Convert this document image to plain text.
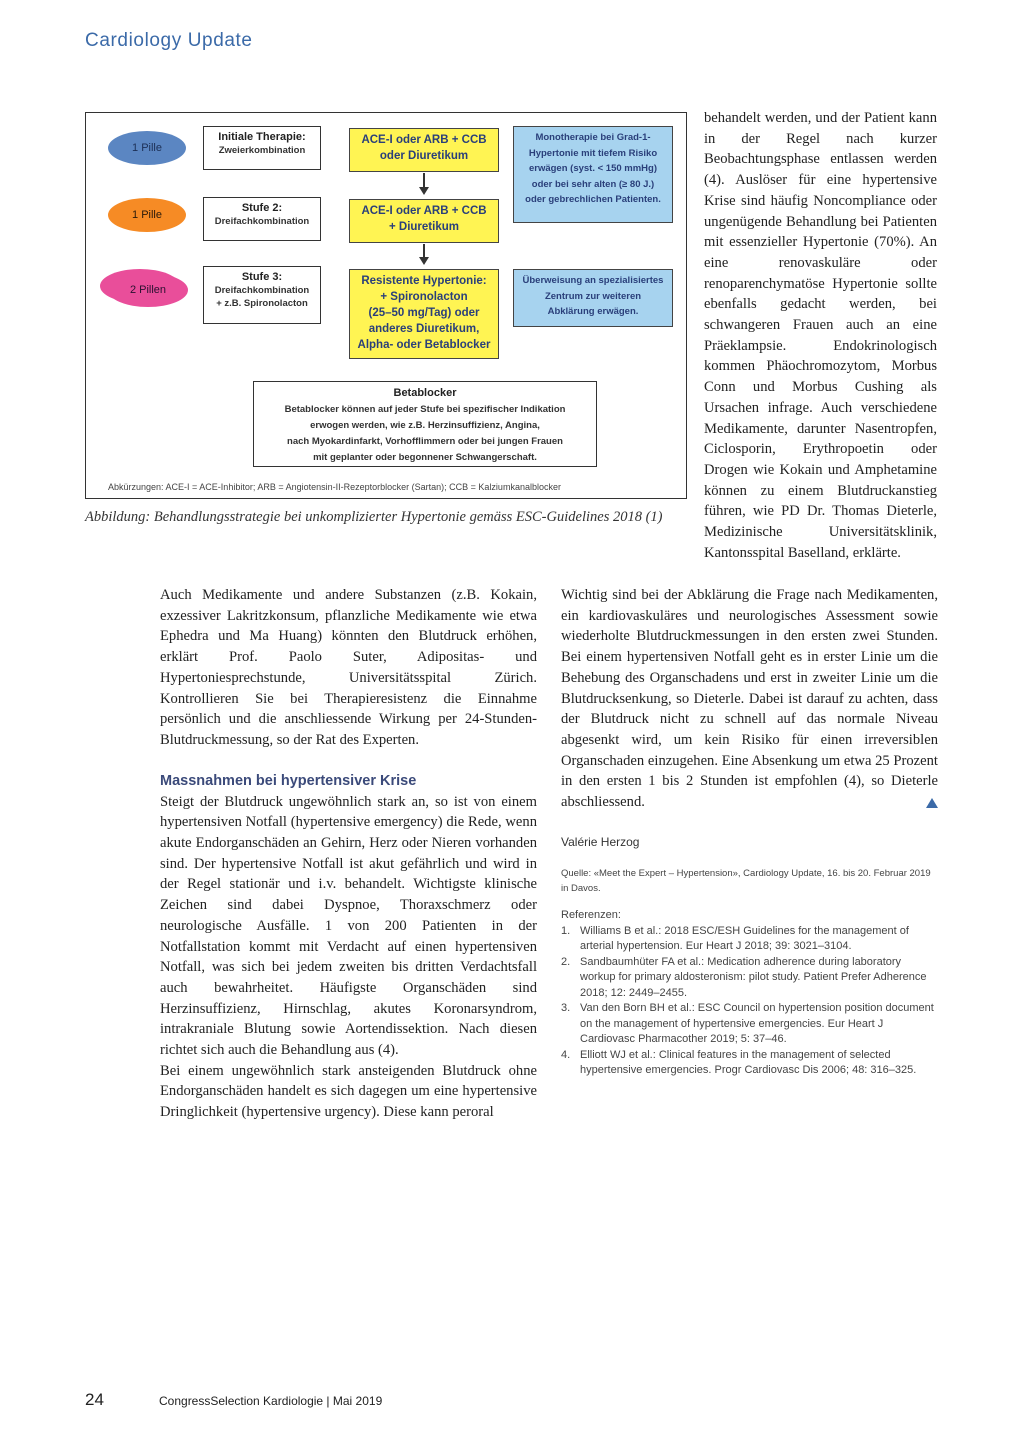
Cardiology Update
1 Pille
1 Pille
2 Pillen
Initiale Therapie:
Zweierkombination
Stufe 2:
Dreifachkombination
Stufe 3:
Dreifachkombination
+ z.B. Spironolacton
ACE-I oder ARB + CCB
oder Diuretikum
ACE-I oder ARB + CCB
+ Diuretikum
Resistente Hypertonie:
+ Spironolacton
(25–50 mg/Tag) oder
anderes Diuretikum,
Alpha- oder Betablocker
Monotherapie bei Grad-1-
Hypertonie mit tiefem Risiko
erwägen (syst. < 150 mmHg)
oder bei sehr alten (≥ 80 J.)
oder gebrechlichen Patienten.
Überweisung an spezialisiertes
Zentrum zur weiteren
Abklärung erwägen.
Betablocker
Betablocker können auf jeder Stufe bei spezifischer Indikation
erwogen werden, wie z.B. Herzinsuffizienz, Angina,
nach Myokardinfarkt, Vorhofflimmern oder bei jungen Frauen
mit geplanter oder begonnener Schwangerschaft.
Abkürzungen: ACE-I = ACE-Inhibitor; ARB = Angiotensin-II-Rezeptorblocker (Sartan); CCB = Kalziumkanalblocker
Abbildung: Behandlungsstrategie bei unkomplizierter Hypertonie gemäss ESC-Guidelines 2018 (1)

behandelt werden, und der Patient kann in der Regel nach kurzer Beobachtungsphase entlassen werden (4). Auslöser für eine hypertensive Krise sind häufig Noncompliance oder ungenügende Behandlung bei Patienten mit essenzieller Hypertonie (70%). An eine renovaskuläre oder renoparenchymatöse Hypertonie sollte ebenfalls gedacht werden, bei schwangeren Frauen auch an eine Präeklampsie. Endokrinologisch kommen Phäochromozytom, Morbus Conn und Morbus Cushing als Ursachen infrage. Auch verschiedene Medikamente, darunter Nasentropfen, Ciclosporin, Erythropoetin oder Drogen wie Kokain und Amphetamine können zu einem Blutdruckanstieg führen, wie PD Dr. Thomas Dieterle, Medizinische Universitätsklinik, Kantonsspital Baselland, erklärte.

Auch Medikamente und andere Substanzen (z.B. Kokain, exzessiver Lakritzkonsum, pflanzliche Medikamente wie etwa Ephedra und Ma Huang) könnten den Blutdruck erhöhen, erklärt Prof. Paolo Suter, Adipositas- und Hypertoniesprechstunde, Universitätsspital Zürich. Kontrollieren Sie bei Therapieresistenz die Einnahme persönlich und die anschliessende Wirkung per 24-Stunden-Blutdruckmessung, so der Rat des Experten.

Massnahmen bei hypertensiver Krise

Steigt der Blutdruck ungewöhnlich stark an, so ist von einem hypertensiven Notfall (hypertensive emergency) die Rede, wenn akute Endorganschäden an Gehirn, Herz oder Nieren vorhanden sind. Der hypertensive Notfall ist akut gefährlich und wird in der Regel stationär und i.v. behandelt. Wichtigste klinische Zeichen sind dabei Dyspnoe, Thoraxschmerz oder neurologische Ausfälle. 1 von 200 Patienten in der Notfallstation kommt mit Verdacht auf einen hypertensiven Notfall, was sich bei jedem zweiten bis dritten Verdachtsfall auch bewahrheitet. Häufigste Organschäden sind Herzinsuffizienz, Hirnschlag, akutes Koronarsyndrom, intrakraniale Blutung sowie Aortendissektion. Nach diesen richtet sich auch die Behandlung aus (4).

Bei einem ungewöhnlich stark ansteigenden Blutdruck ohne Endorganschäden handelt es sich dagegen um eine hypertensive Dringlichkeit (hypertensive urgency). Diese kann peroral

Wichtig sind bei der Abklärung die Frage nach Medikamenten, ein kardiovaskuläres und neurologisches Assessment sowie wiederholte Blutdruckmessungen in den ersten zwei Stunden. Bei einem hypertensiven Notfall geht es in erster Linie um die Behebung des Organschadens und erst in zweiter Linie um die Blutdrucksenkung, so Dieterle. Dabei ist darauf zu achten, dass der Blutdruck nicht zu schnell auf das normale Niveau abgesenkt wird, um kein Risiko für einen irreversiblen Organschaden einzugehen. Eine Absenkung um etwa 25 Prozent in den ersten 1 bis 2 Stunden ist empfohlen (4), so Dieterle abschliessend.

Valérie Herzog
Quelle: «Meet the Expert – Hypertension», Cardiology Update, 16. bis 20. Februar 2019 in Davos.
Referenzen:
1. Williams B et al.: 2018 ESC/ESH Guidelines for the management of arterial hypertension. Eur Heart J 2018; 39: 3021–3104.
2. Sandbaumhüter FA et al.: Medication adherence during laboratory workup for primary aldosteronism: pilot study. Patient Prefer Adherence 2018; 12: 2449–2455.
3. Van den Born BH et al.: ESC Council on hypertension position document on the management of hypertensive emergencies. Eur Heart J Cardiovasc Pharmacother 2019; 5: 37–46.
4. Elliott WJ et al.: Clinical features in the management of selected hypertensive emergencies. Progr Cardiovasc Dis 2006; 48: 316–325.
24	CongressSelection Kardiologie | Mai 2019
